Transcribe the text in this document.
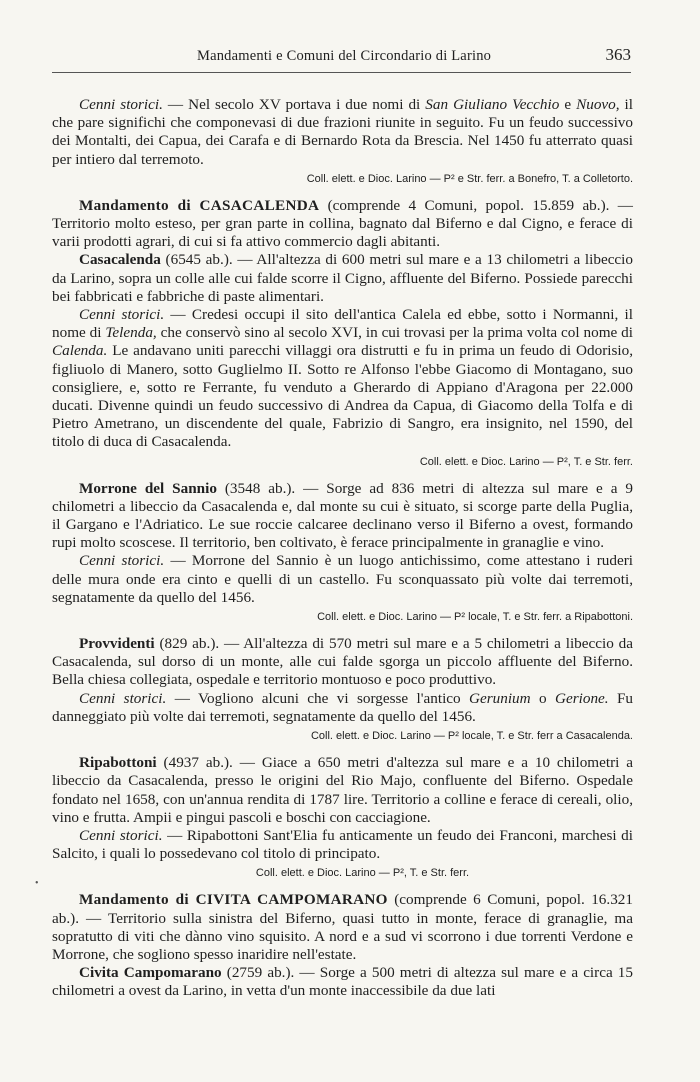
Mandamenti e Comuni del Circondario di Larino	363
•

Cenni storici. — Nel secolo XV portava i due nomi di San Giuliano Vecchio e Nuovo, il che pare significhi che componevasi di due frazioni riunite in seguito. Fu un feudo successivo dei Montalti, dei Capua, dei Carafa e di Bernardo Rota da Brescia. Nel 1450 fu atterrato quasi per intiero dal terremoto.

Coll. elett. e Dioc. Larino — P² e Str. ferr. a Bonefro, T. a Colletorto.

Mandamento di CASACALENDA (comprende 4 Comuni, popol. 15.859 ab.). — Territorio molto esteso, per gran parte in collina, bagnato dal Biferno e dal Cigno, e ferace di varii prodotti agrari, di cui si fa attivo commercio dagli abitanti.

Casacalenda (6545 ab.). — All'altezza di 600 metri sul mare e a 13 chilometri a libeccio da Larino, sopra un colle alle cui falde scorre il Cigno, affluente del Biferno. Possiede parecchi bei fabbricati e fabbriche di paste alimentari.

Cenni storici. — Credesi occupi il sito dell'antica Calela ed ebbe, sotto i Normanni, il nome di Telenda, che conservò sino al secolo XVI, in cui trovasi per la prima volta col nome di Calenda. Le andavano uniti parecchi villaggi ora distrutti e fu in prima un feudo di Odorisio, figliuolo di Manero, sotto Guglielmo II. Sotto re Alfonso l'ebbe Giacomo di Montagano, suo consigliere, e, sotto re Ferrante, fu venduto a Gherardo di Appiano d'Aragona per 22.000 ducati. Divenne quindi un feudo successivo di Andrea da Capua, di Giacomo della Tolfa e di Pietro Ametrano, un discendente del quale, Fabrizio di Sangro, era insignito, nel 1590, del titolo di duca di Casacalenda.

Coll. elett. e Dioc. Larino — P², T. e Str. ferr.

Morrone del Sannio (3548 ab.). — Sorge ad 836 metri di altezza sul mare e a 9 chilometri a libeccio da Casacalenda e, dal monte su cui è situato, si scorge parte della Puglia, il Gargano e l'Adriatico. Le sue roccie calcaree declinano verso il Biferno a ovest, formando rupi molto scoscese. Il territorio, ben coltivato, è ferace principalmente in granaglie e vino.

Cenni storici. — Morrone del Sannio è un luogo antichissimo, come attestano i ruderi delle mura onde era cinto e quelli di un castello. Fu sconquassato più volte dai terremoti, segnatamente da quello del 1456.

Coll. elett. e Dioc. Larino — P² locale, T. e Str. ferr. a Ripabottoni.

Provvidenti (829 ab.). — All'altezza di 570 metri sul mare e a 5 chilometri a libeccio da Casacalenda, sul dorso di un monte, alle cui falde sgorga un piccolo affluente del Biferno. Bella chiesa collegiata, ospedale e territorio montuoso e poco produttivo.

Cenni storici. — Vogliono alcuni che vi sorgesse l'antico Gerunium o Gerione. Fu danneggiato più volte dai terremoti, segnatamente da quello del 1456.

Coll. elett. e Dioc. Larino — P² locale, T. e Str. ferr a Casacalenda.

Ripabottoni (4937 ab.). — Giace a 650 metri d'altezza sul mare e a 10 chilometri a libeccio da Casacalenda, presso le origini del Rio Majo, confluente del Biferno. Ospedale fondato nel 1658, con un'annua rendita di 1787 lire. Territorio a colline e ferace di cereali, olio, vino e frutta. Ampii e pingui pascoli e boschi con cacciagione.

Cenni storici. — Ripabottoni Sant'Elia fu anticamente un feudo dei Franconi, marchesi di Salcito, i quali lo possedevano col titolo di principato.

Coll. elett. e Dioc. Larino — P², T. e Str. ferr.

Mandamento di CIVITA CAMPOMARANO (comprende 6 Comuni, popol. 16.321 ab.). — Territorio sulla sinistra del Biferno, quasi tutto in monte, ferace di granaglie, ma sopratutto di viti che dànno vino squisito. A nord e a sud vi scorrono i due torrenti Verdone e Morrone, che sogliono spesso inaridire nell'estate.

Civita Campomarano (2759 ab.). — Sorge a 500 metri di altezza sul mare e a circa 15 chilometri a ovest da Larino, in vetta d'un monte inaccessibile da due lati
